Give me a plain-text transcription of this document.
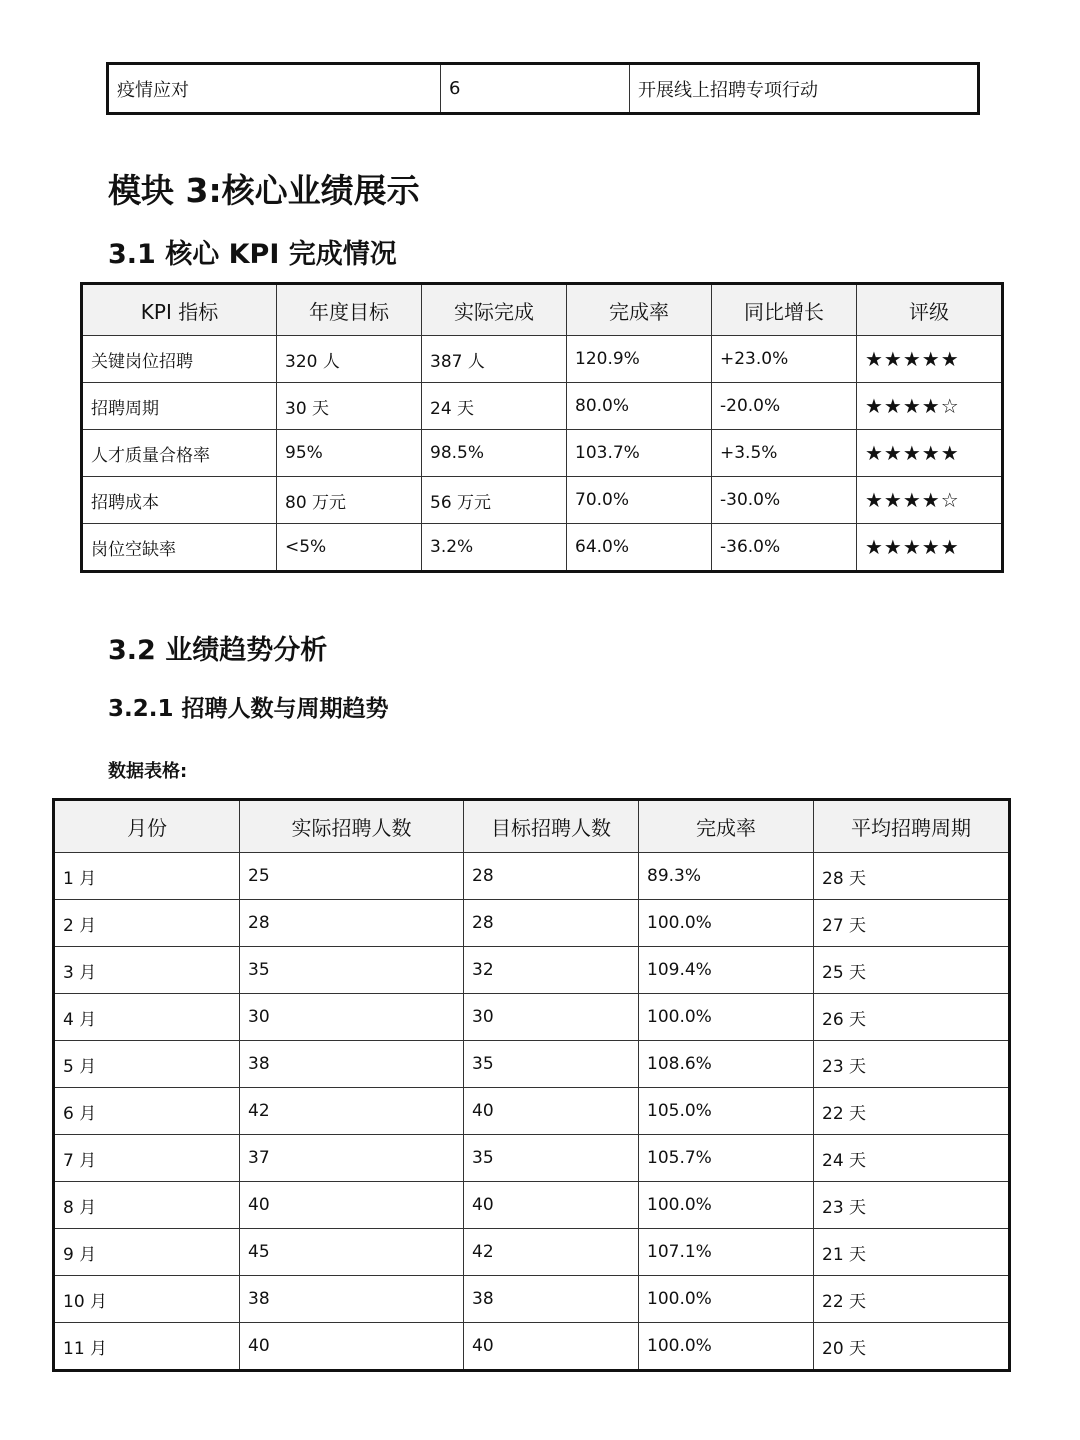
疫情应对	6	开展线上招聘专项行动
模块 3:核心业绩展示
3.1 核心 KPI 完成情况
KPI 指标	年度目标	实际完成	完成率	同比增长	评级
关键岗位招聘	320 人	387 人	120.9%	+23.0%	★★★★★
招聘周期	30 天	24 天	80.0%	-20.0%	★★★★☆
人才质量合格率	95%	98.5%	103.7%	+3.5%	★★★★★
招聘成本	80 万元	56 万元	70.0%	-30.0%	★★★★☆
岗位空缺率	<5%	3.2%	64.0%	-36.0%	★★★★★
3.2 业绩趋势分析
3.2.1 招聘人数与周期趋势

数据表格:

月份	实际招聘人数	目标招聘人数	完成率	平均招聘周期
1 月	25	28	89.3%	28 天
2 月	28	28	100.0%	27 天
3 月	35	32	109.4%	25 天
4 月	30	30	100.0%	26 天
5 月	38	35	108.6%	23 天
6 月	42	40	105.0%	22 天
7 月	37	35	105.7%	24 天
8 月	40	40	100.0%	23 天
9 月	45	42	107.1%	21 天
10 月	38	38	100.0%	22 天
11 月	40	40	100.0%	20 天
